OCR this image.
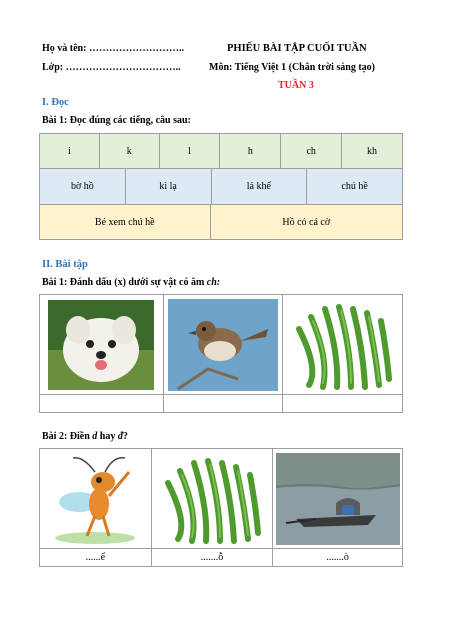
Họ và tên: ………………………..
Lớp: ……………………………..
PHIẾU BÀI TẬP CUỐI TUẦN
Môn: Tiếng Việt 1 (Chân trời sáng tạo)
TUẦN 3
I. Đọc
Bài 1: Đọc đúng các tiếng, câu sau:
i	k	l	h	ch	kh
bờ hồ	kì lạ	lá khế	chú hề
Bé xem chú hề	Hồ có cá cờ
II. Bài tập
Bài 1: Đánh dấu (x) dưới sự vật có âm ch:

Bài 2: Điền d hay đ?

......ế	.......ỗ	.......ò
